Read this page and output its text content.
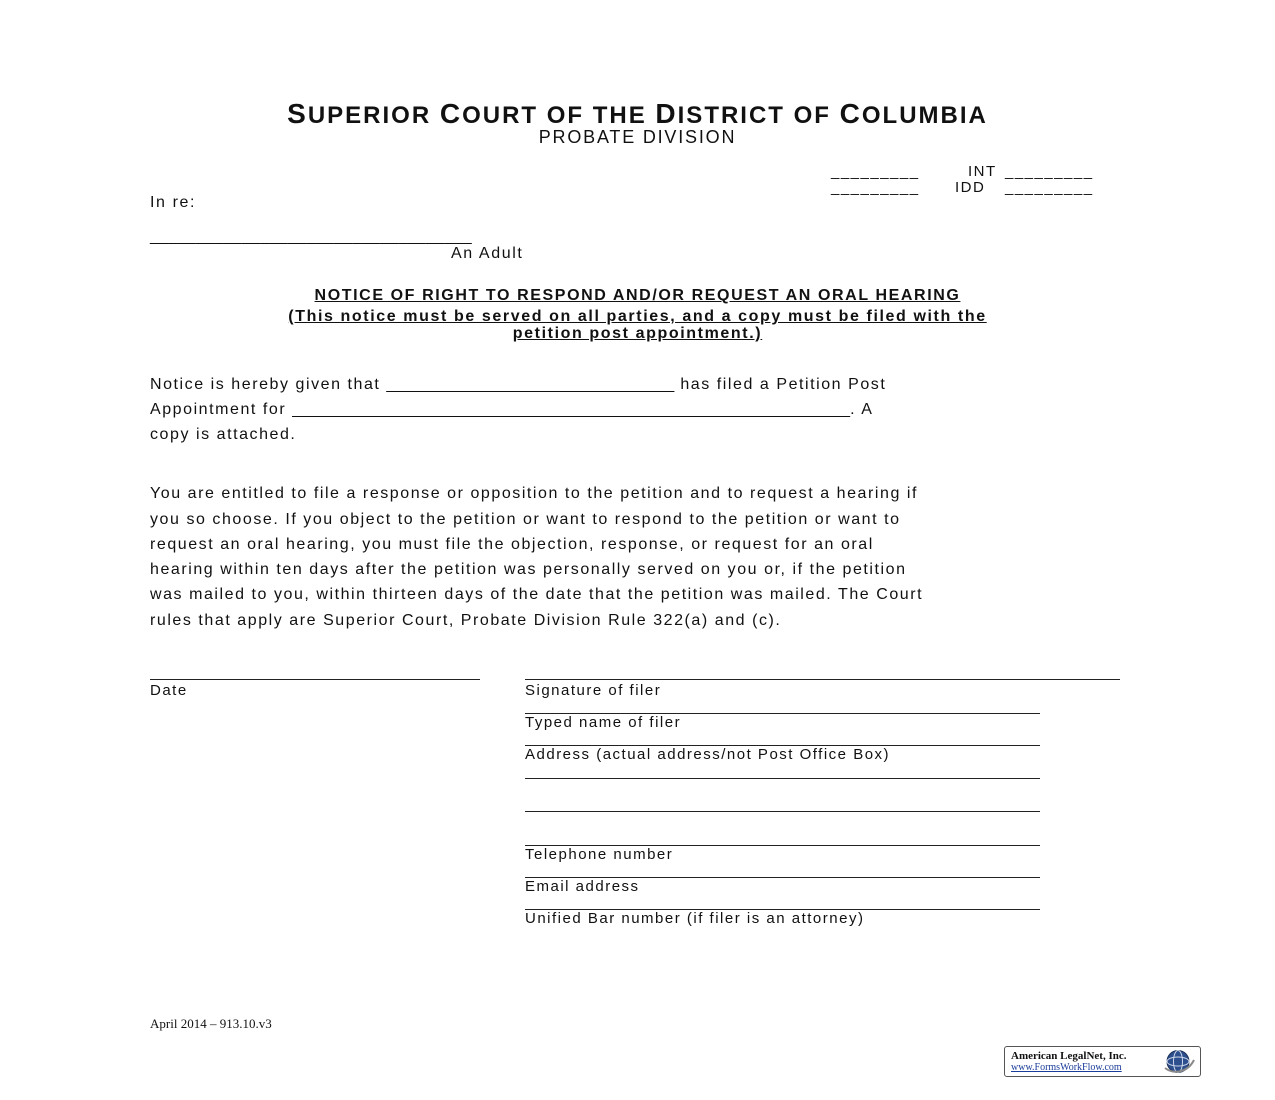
SUPERIOR COURT OF THE DISTRICT OF COLUMBIA
PROBATE DIVISION
_________	INT _________
_________ IDD _________
In re:
___________________________________
An Adult
NOTICE OF RIGHT TO RESPOND AND/OR REQUEST AN ORAL HEARING
(This notice must be served on all parties, and a copy must be filed with the
petition post appointment.)
Notice is hereby given that ________________________________ has filed a Petition Post
Appointment for ______________________________________________________________. A
copy is attached.
You are entitled to file a response or opposition to the petition and to request a hearing if
you so choose. If you object to the petition or want to respond to the petition or want to
request an oral hearing, you must file the objection, response, or request for an oral
hearing within ten days after the petition was personally served on you or, if the petition
was mailed to you, within thirteen days of the date that the petition was mailed. The Court
rules that apply are Superior Court, Probate Division Rule 322(a) and (c).
Date	Signature of filer
Typed name of filer
Address (actual address/not Post Office Box)
Telephone number
Email address
Unified Bar number (if filer is an attorney)
April 2014 – 913.10.v3
American LegalNet, Inc.
www.FormsWorkFlow.com
